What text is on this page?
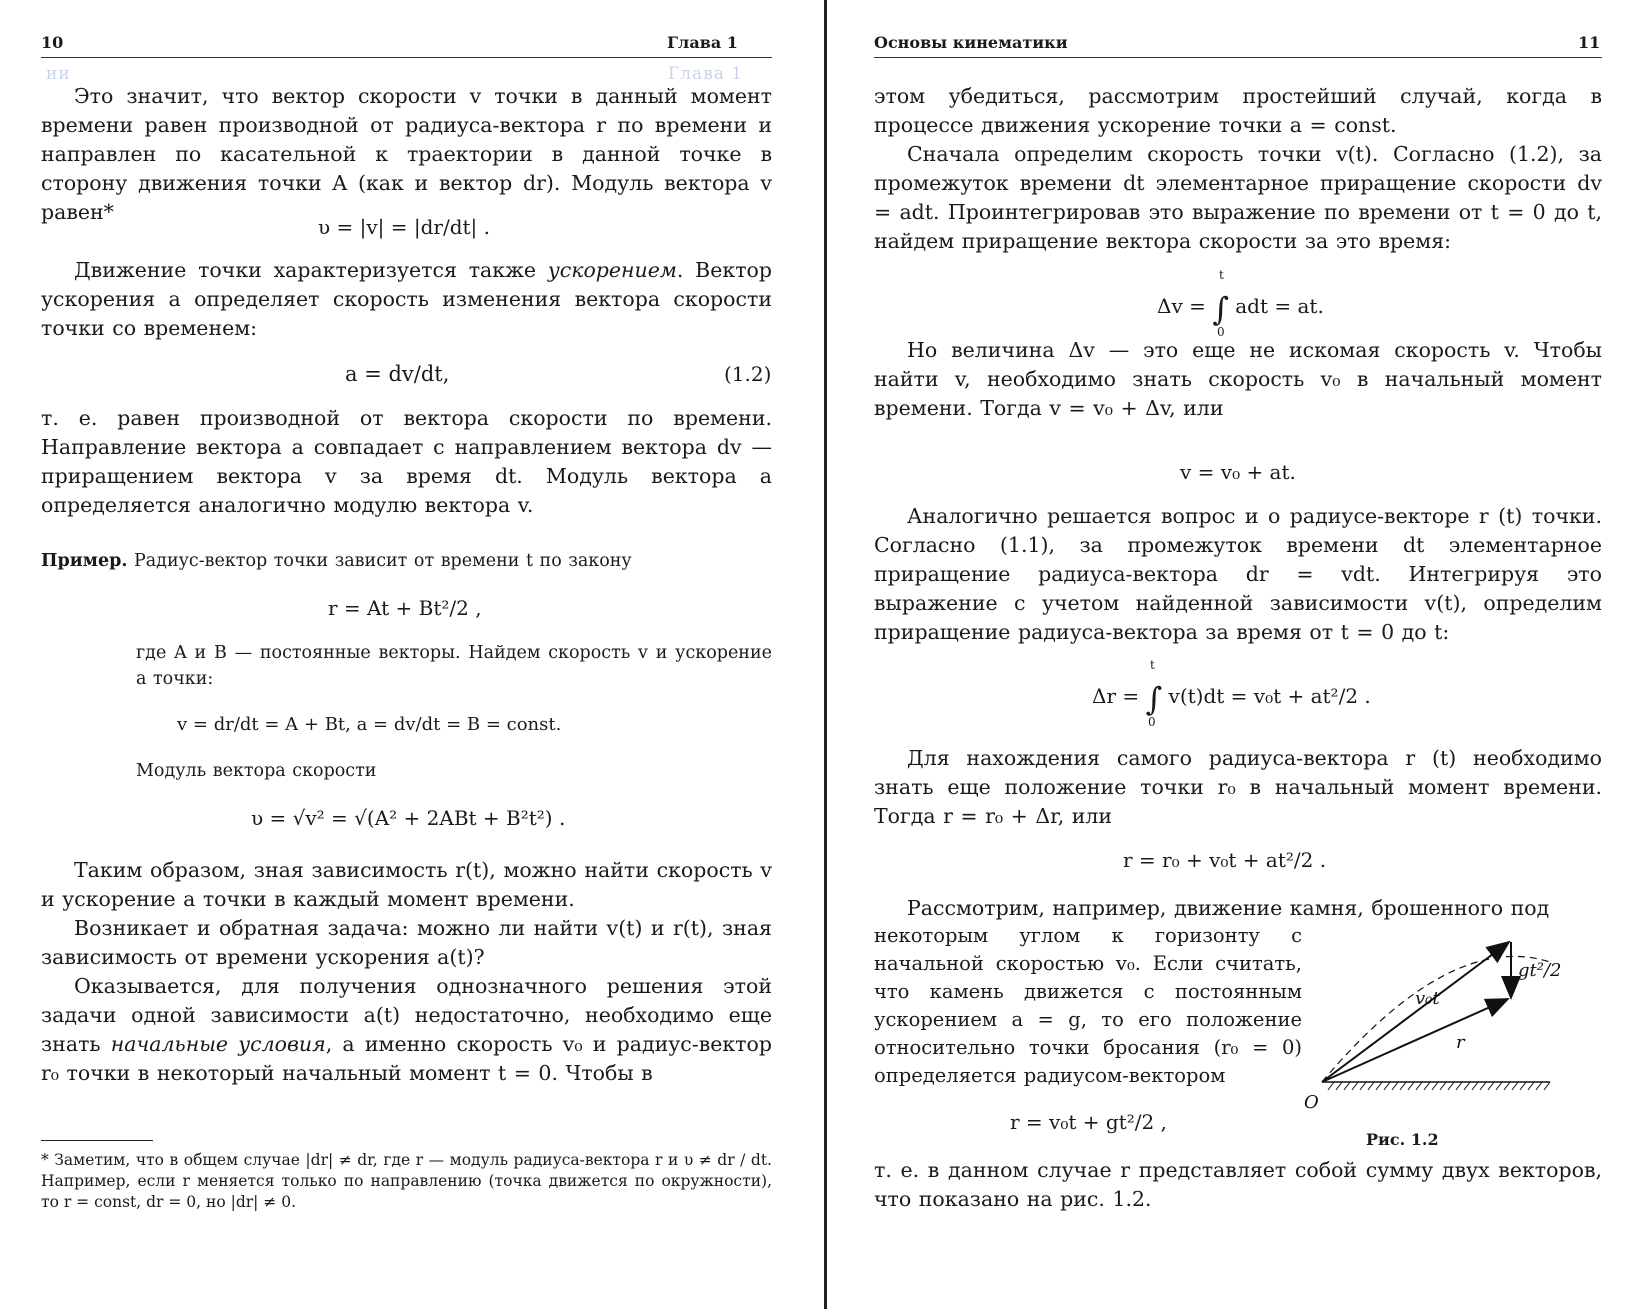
ии	Глава 1
10	Глава 1
Это значит, что вектор скорости v точки в данный момент времени равен производной от радиуса-вектора r по времени и направлен по касательной к траектории в данной точке в сторону движения точки A (как и вектор dr). Модуль вектора v равен*
υ = |v| = |dr/dt| .
Движение точки характеризуется также ускорением. Вектор ускорения a определяет скорость изменения вектора скорости точки со временем:
a = dv/dt,	(1.2)
т. е. равен производной от вектора скорости по времени. Направление вектора a совпадает с направлением вектора dv — приращением вектора v за время dt. Модуль вектора a определяется аналогично модулю вектора v.
Пример. Радиус-вектор точки зависит от времени t по закону
r = At + Bt²/2 ,
где A и B — постоянные векторы. Найдем скорость v и ускорение a точки:
v = dr/dt = A + Bt, a = dv/dt = B = const.
Модуль вектора скорости
υ = √v² = √(A² + 2ABt + B²t²) .
Таким образом, зная зависимость r(t), можно найти скорость v и ускорение a точки в каждый момент времени.
Возникает и обратная задача: можно ли найти v(t) и r(t), зная зависимость от времени ускорения a(t)?
Оказывается, для получения однозначного решения этой задачи одной зависимости a(t) недостаточно, необходимо еще знать начальные условия, а именно скорость v₀ и радиус-вектор r₀ точки в некоторый начальный момент t = 0. Чтобы в
* Заметим, что в общем случае |dr| ≠ dr, где r — модуль радиуса-вектора r и υ ≠ dr / dt. Например, если r меняется только по направлению (точка движется по окружности), то r = const, dr = 0, но |dr| ≠ 0.
Основы кинематики	11
этом убедиться, рассмотрим простейший случай, когда в процессе движения ускорение точки a = const.
Сначала определим скорость точки v(t). Согласно (1.2), за промежуток времени dt элементарное приращение скорости dv = adt. Проинтегрировав это выражение по времени от t = 0 до t, найдем приращение вектора скорости за это время:
Δv = ∫ adt = at.
t
0
Но величина Δv — это еще не искомая скорость v. Чтобы найти v, необходимо знать скорость v₀ в начальный момент времени. Тогда v = v₀ + Δv, или
v = v₀ + at.
Аналогично решается вопрос и о радиусе-векторе r (t) точки. Согласно (1.1), за промежуток времени dt элементарное приращение радиуса-вектора dr = vdt. Интегрируя это выражение с учетом найденной зависимости v(t), определим приращение радиуса-вектора за время от t = 0 до t:
Δr = ∫ v(t)dt = v₀t + at²/2 .
t
0
Для нахождения самого радиуса-вектора r (t) необходимо знать еще положение точки r₀ в начальный момент времени. Тогда r = r₀ + Δr, или
r = r₀ + v₀t + at²/2 .
Рассмотрим, например, движение камня, брошенного под
некоторым углом к горизонту с начальной скоростью v₀. Если считать, что камень движется с постоянным ускорением a = g, то его положение относительно точки бросания (r₀ = 0) определяется радиусом-вектором
r = v₀t + gt²/2 ,
v₀t
gt²/2
r
O
Рис. 1.2
т. е. в данном случае r представляет собой сумму двух векторов, что показано на рис. 1.2.
